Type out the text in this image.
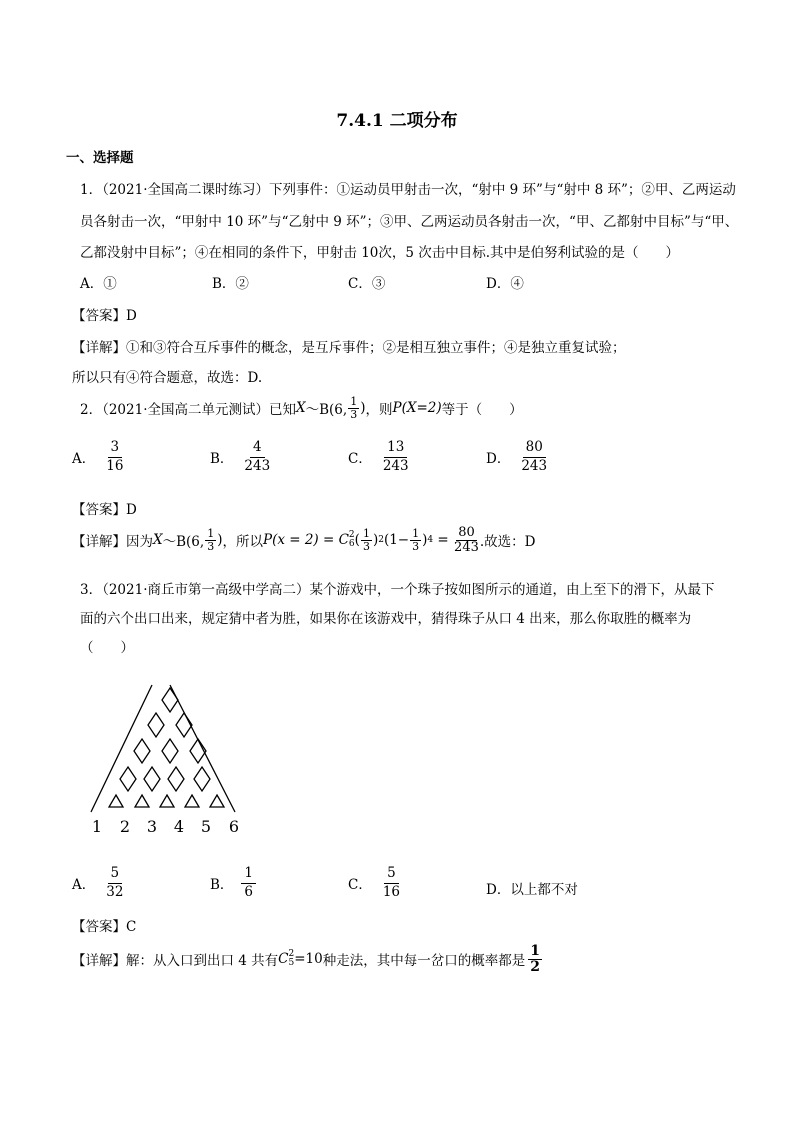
7.4.1 二项分布
一、选择题
1．（2021·全国高二课时练习）下列事件：①运动员甲射击一次，“射中 9 环”与“射中 8 环”；②甲、乙两运动
员各射击一次，“甲射中 10 环”与“乙射中 9 环”；③甲、乙两运动员各射击一次，“甲、乙都射中目标”与“甲、
乙都没射中目标”；④在相同的条件下，甲射击 10次，5 次击中目标.其中是伯努利试验的是（　　）
A．①	B．②	C．③	D．④
【答案】D
【详解】①和③符合互斥事件的概念，是互斥事件；②是相互独立事件；④是独立重复试验；
所以只有④符合题意，故选：D.
2．（2021·全国高二单元测试）已知 X ～B(6, $\frac{1}{3}$ ) ，则 P(X=2) 等于（　　）
A． $\frac{3}{16}$	B． $\frac{4}{243}$	C． $\frac{13}{243}$	D． $\frac{80}{243}$
【答案】D
【详解】因为 X ～B(6, $\frac{1}{3}$ ) ，所以 P(x = 2) = C 2
6 ( $\frac{1}{3}$ ) 2 ($1- \frac{1}{3}$ ) $4 = \frac{80}{243}$ .故选：D
3．（2021·商丘市第一高级中学高二）某个游戏中，一个珠子按如图所示的通道，由上至下的滑下，从最下
面的六个出口出来，规定猜中者为胜，如果你在该游戏中，猜得珠子从口 4 出来，那么你取胜的概率为
（　　）
1 2 3 4 5 6
A． $\frac{5}{32}$	B． $\frac{1}{6}$	C． $\frac{5}{16}$	D．以上都不对
【答案】C
【详解】解：从入口到出口 4 共有 C 2
5 =10 种走法，其中每一岔口的概率都是 $\frac{1}{2}$
